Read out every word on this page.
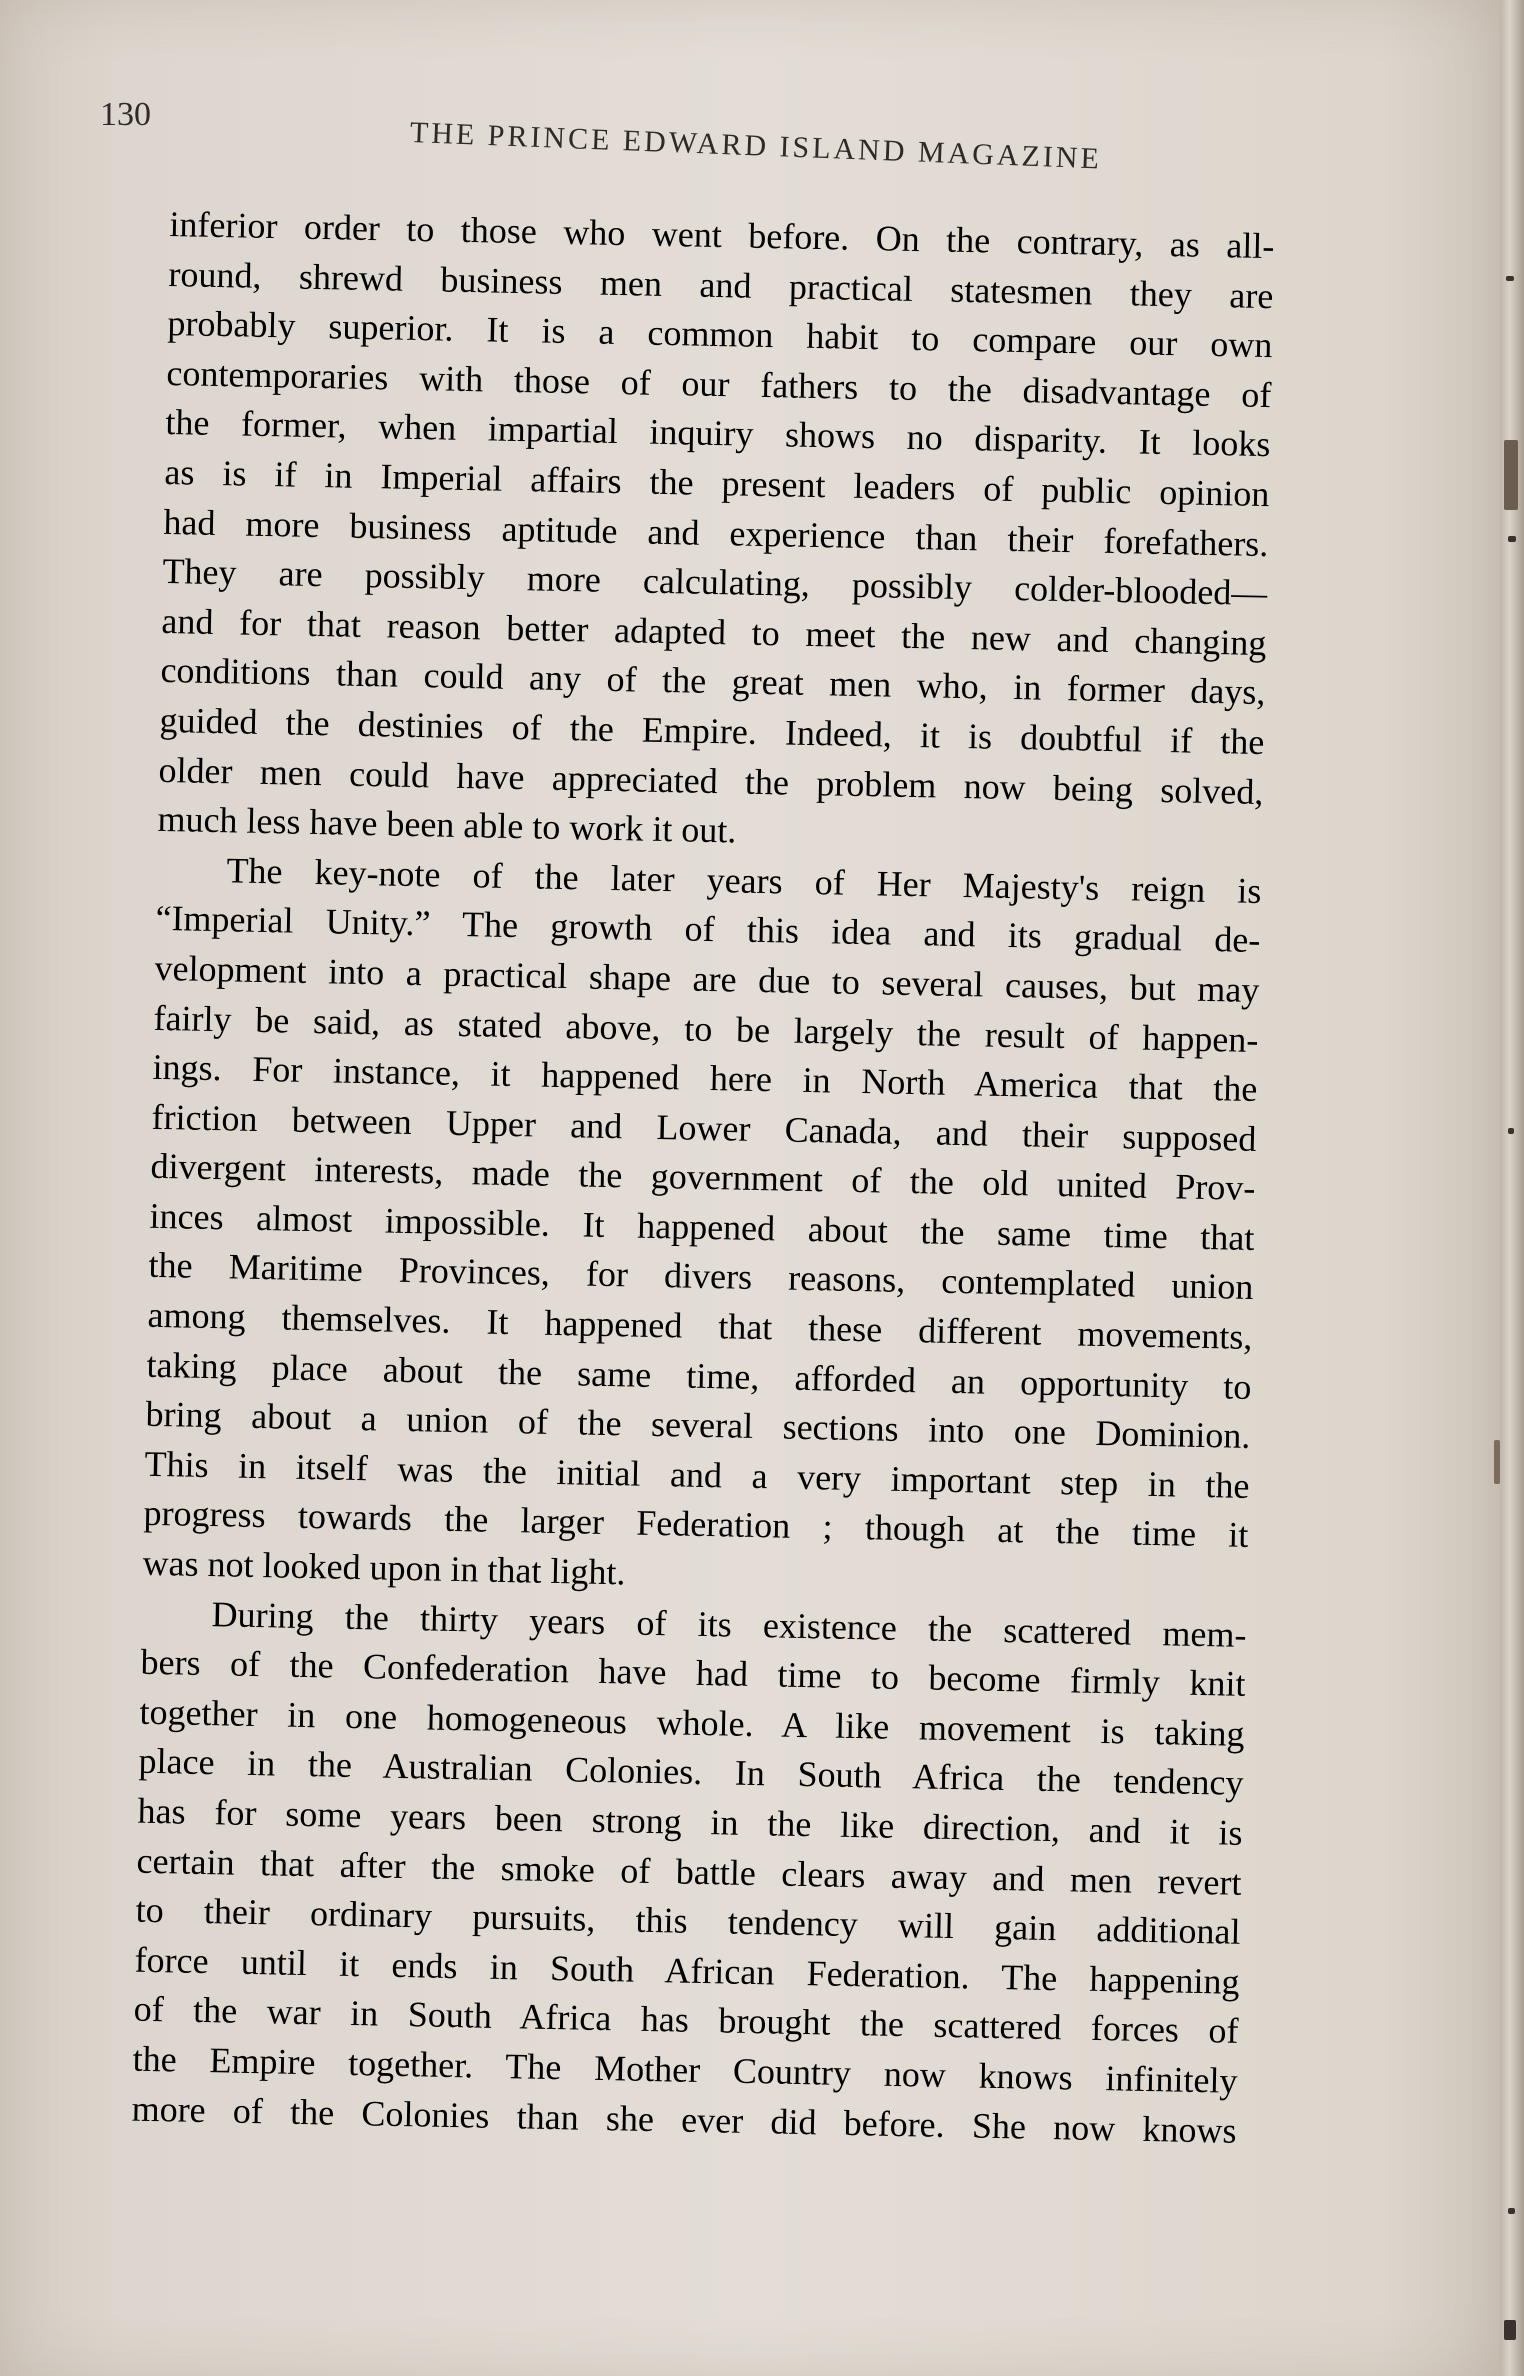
130
THE PRINCE EDWARD ISLAND MAGAZINE
inferior order to those who went before. On the contrary, as all-
round, shrewd business men and practical statesmen they are
probably superior. It is a common habit to compare our own
contemporaries with those of our fathers to the disadvantage of
the former, when impartial inquiry shows no disparity. It looks
as is if in Imperial affairs the present leaders of public opinion
had more business aptitude and experience than their forefathers.
They are possibly more calculating, possibly colder-blooded—
and for that reason better adapted to meet the new and changing
conditions than could any of the great men who, in former days,
guided the destinies of the Empire. Indeed, it is doubtful if the
older men could have appreciated the problem now being solved,
much less have been able to work it out.
The key-note of the later years of Her Majesty's reign is
“Imperial Unity.” The growth of this idea and its gradual de-
velopment into a practical shape are due to several causes, but may
fairly be said, as stated above, to be largely the result of happen-
ings. For instance, it happened here in North America that the
friction between Upper and Lower Canada, and their supposed
divergent interests, made the government of the old united Prov-
inces almost impossible. It happened about the same time that
the Maritime Provinces, for divers reasons, contemplated union
among themselves. It happened that these different movements,
taking place about the same time, afforded an opportunity to
bring about a union of the several sections into one Dominion.
This in itself was the initial and a very important step in the
progress towards the larger Federation ; though at the time it
was not looked upon in that light.
During the thirty years of its existence the scattered mem-
bers of the Confederation have had time to become firmly knit
together in one homogeneous whole. A like movement is taking
place in the Australian Colonies. In South Africa the tendency
has for some years been strong in the like direction, and it is
certain that after the smoke of battle clears away and men revert
to their ordinary pursuits, this tendency will gain additional
force until it ends in South African Federation. The happening
of the war in South Africa has brought the scattered forces of
the Empire together. The Mother Country now knows infinitely
more of the Colonies than she ever did before. She now knows
